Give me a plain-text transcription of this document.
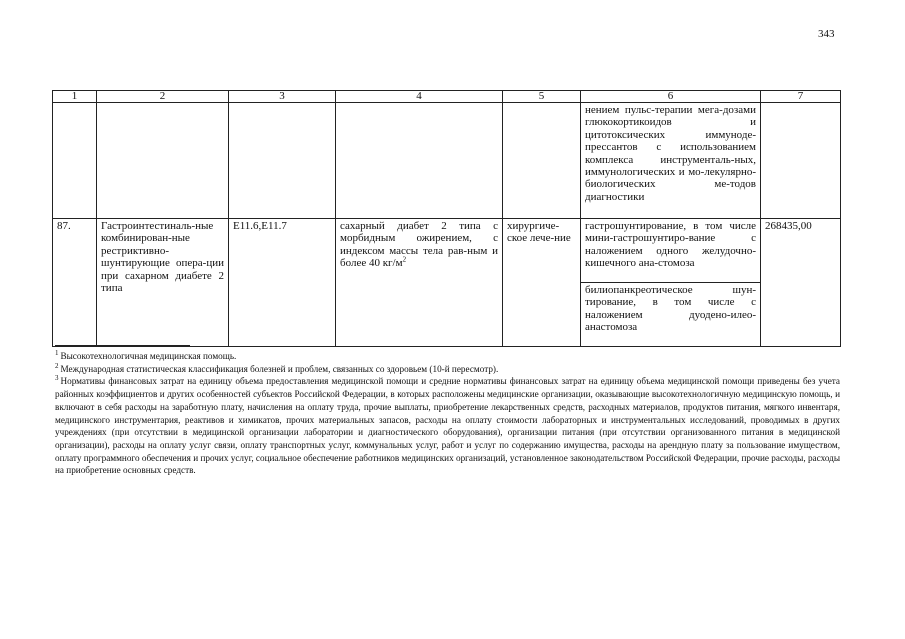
343
1	2	3	4	5	6	7
					нением пульс-терапии мега-дозами глюкокортикоидов и цитотоксических иммуноде-прессантов с использованием комплекса инструменталь-ных, иммунологических и мо-лекулярно-биологических ме-тодов диагностики	
87.	Гастроинтестиналь-ные комбинирован-ные рестриктивно-шунтирующие опера-ции при сахарном диабете 2 типа	E11.6,E11.7	сахарный диабет 2 типа с морбидным ожирением, с индексом массы тела рав-ным и более 40 $кг/м^2$	хирургиче-ское лече-ние	гастрошунтирование, в том числе мини-гастрошунтиро-вание с наложением одного желудочно-кишечного ана-стомоза	268435,00
					билиопанкреотическое шун-тирование, в том числе с наложением дуодено-илео-анастомоза	

$^1$ Высокотехнологичная медицинская помощь.

$^2$ Международная статистическая классификация болезней и проблем, связанных со здоровьем (10-й пересмотр).

$^3$ Нормативы финансовых затрат на единицу объема предоставления медицинской помощи и средние нормативы финансовых затрат на единицу объема медицинской помощи приведены без учета районных коэффициентов и других особенностей субъектов Российской Федерации, в которых расположены медицинские организации, оказывающие высокотехнологичную медицинскую помощь, и включают в себя расходы на заработную плату, начисления на оплату труда, прочие выплаты, приобретение лекарственных средств, расходных материалов, продуктов питания, мягкого инвентаря, медицинского инструментария, реактивов и химикатов, прочих материальных запасов, расходы на оплату стоимости лабораторных и инструментальных исследований, проводимых в других учреждениях (при отсутствии в медицинской организации лаборатории и диагностического оборудования), организации питания (при отсутствии организованного питания в медицинской организации), расходы на оплату услуг связи, оплату транспортных услуг, коммунальных услуг, работ и услуг по содержанию имущества, расходы на арендную плату за пользование имуществом, оплату программного обеспечения и прочих услуг, социальное обеспечение работников медицинских организаций, установленное законодательством Российской Федерации, прочие расходы, расходы на приобретение основных средств.
